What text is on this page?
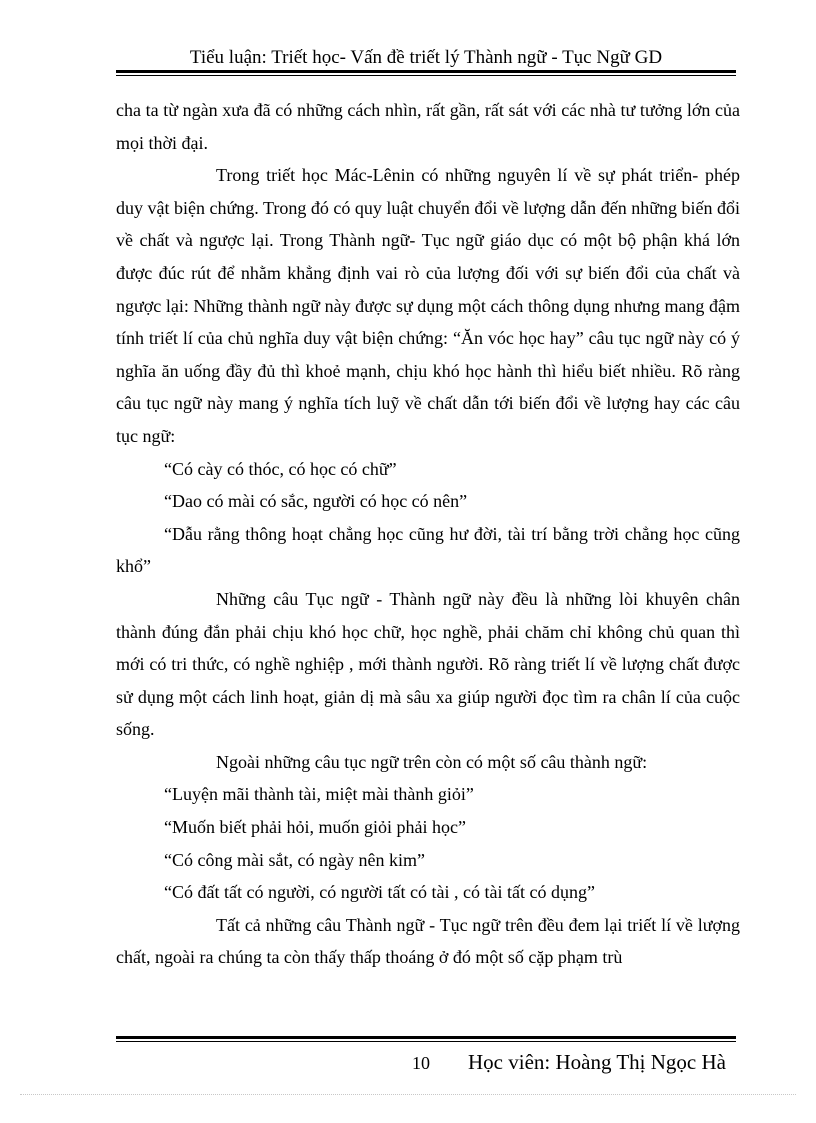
Tiểu luận: Triết học- Vấn đề triết lý Thành ngữ - Tục Ngữ GD

cha ta từ ngàn xưa đã có những cách nhìn, rất gần, rất sát với các nhà tư tưởng lớn của mọi thời đại.

Trong triết học Mác-Lênin có những nguyên lí về sự phát triển- phép duy vật biện chứng. Trong đó có quy luật chuyển đổi về lượng dẫn đến những biến đổi về chất và ngược lại. Trong Thành ngữ- Tục ngữ giáo dục có một bộ phận khá lớn được đúc rút để nhằm khẳng định vai rò của lượng đối với sự biến đổi của chất và ngược lại: Những thành ngữ này được sự dụng một cách thông dụng nhưng mang đậm tính triết lí của chủ nghĩa duy vật biện chứng: “Ăn vóc học hay” câu tục ngữ này có ý nghĩa ăn uống đầy đủ thì khoẻ mạnh, chịu khó học hành thì hiểu biết nhiều. Rõ ràng câu tục ngữ này mang ý nghĩa tích luỹ về chất dẫn tới biến đổi về lượng hay các câu tục ngữ:

“Có cày có thóc, có học có chữ”

“Dao có mài có sắc, người có học có nên”

“Dẫu rằng thông hoạt chẳng học cũng hư đời, tài trí bằng trời chẳng học cũng khổ”

Những câu Tục ngữ - Thành ngữ này đều là những lòi khuyên chân thành đúng đắn phải chịu khó học chữ, học nghề, phải chăm chỉ không chủ quan thì mới có tri thức, có nghề nghiệp , mới thành người. Rõ ràng triết lí về lượng chất được sử dụng một cách linh hoạt, giản dị mà sâu xa giúp người đọc tìm ra chân lí của cuộc sống.

Ngoài những câu tục ngữ trên còn có một số câu thành ngữ:

“Luyện mãi thành tài, miệt mài thành giỏi”

“Muốn biết phải hỏi, muốn giỏi phải học”

“Có công mài sắt, có ngày nên kim”

“Có đất tất có người, có người tất có tài , có tài tất có dụng”

Tất cả những câu Thành ngữ - Tục ngữ trên đều đem lại triết lí về lượng chất, ngoài ra chúng ta còn thấy thấp thoáng ở đó một số cặp phạm trù

10 Học viên: Hoàng Thị Ngọc Hà
